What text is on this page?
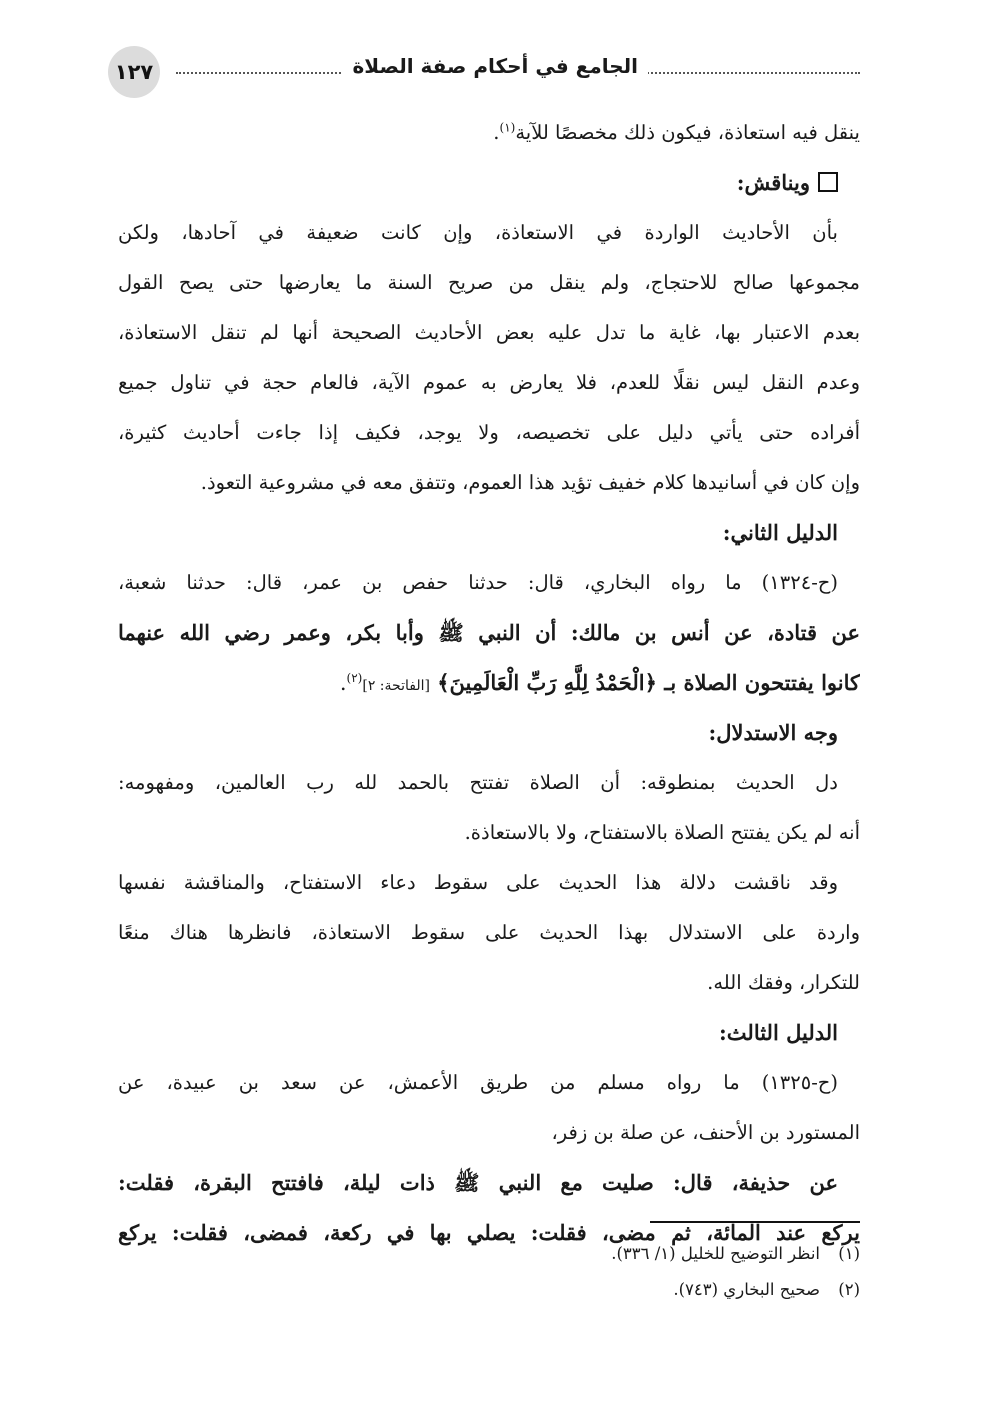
١٢٧	الجامع في أحكام صفة الصلاة
ينقل فيه استعاذة، فيكون ذلك مخصصًا للآية$^{(١)}$.
ويناقش:
بأن الأحاديث الواردة في الاستعاذة، وإن كانت ضعيفة في آحادها، ولكن
مجموعها صالح للاحتجاج، ولم ينقل من صريح السنة ما يعارضها حتى يصح القول
بعدم الاعتبار بها، غاية ما تدل عليه بعض الأحاديث الصحيحة أنها لم تنقل الاستعاذة،
وعدم النقل ليس نقلًا للعدم، فلا يعارض به عموم الآية، فالعام حجة في تناول جميع
أفراده حتى يأتي دليل على تخصيصه، ولا يوجد، فكيف إذا جاءت أحاديث كثيرة،
وإن كان في أسانيدها كلام خفيف تؤيد هذا العموم، وتتفق معه في مشروعية التعوذ.
الدليل الثاني:
(ح-١٣٢٤) ما رواه البخاري، قال: حدثنا حفص بن عمر، قال: حدثنا شعبة،
عن قتادة، عن أنس بن مالك: أن النبي ﷺ وأبا بكر، وعمر رضي الله عنهما
كانوا يفتتحون الصلاة بـ ﴿الْحَمْدُ لِلَّهِ رَبِّ الْعَالَمِينَ﴾ [الفاتحة: ٢]$^{(٢)}$.
وجه الاستدلال:
دل الحديث بمنطوقه: أن الصلاة تفتتح بالحمد لله رب العالمين، ومفهومه:
أنه لم يكن يفتتح الصلاة بالاستفتاح، ولا بالاستعاذة.
وقد ناقشت دلالة هذا الحديث على سقوط دعاء الاستفتاح، والمناقشة نفسها
واردة على الاستدلال بهذا الحديث على سقوط الاستعاذة، فانظرها هناك منعًا
للتكرار، وفقك الله.
الدليل الثالث:
(ح-١٣٢٥) ما رواه مسلم من طريق الأعمش، عن سعد بن عبيدة، عن
المستورد بن الأحنف، عن صلة بن زفر،
عن حذيفة، قال: صليت مع النبي ﷺ ذات ليلة، فافتتح البقرة، فقلت:
يركع عند المائة، ثم مضى، فقلت: يصلي بها في ركعة، فمضى، فقلت: يركع
(١)انظر التوضيح للخليل (١/ ٣٣٦).
(٢)صحيح البخاري (٧٤٣).
